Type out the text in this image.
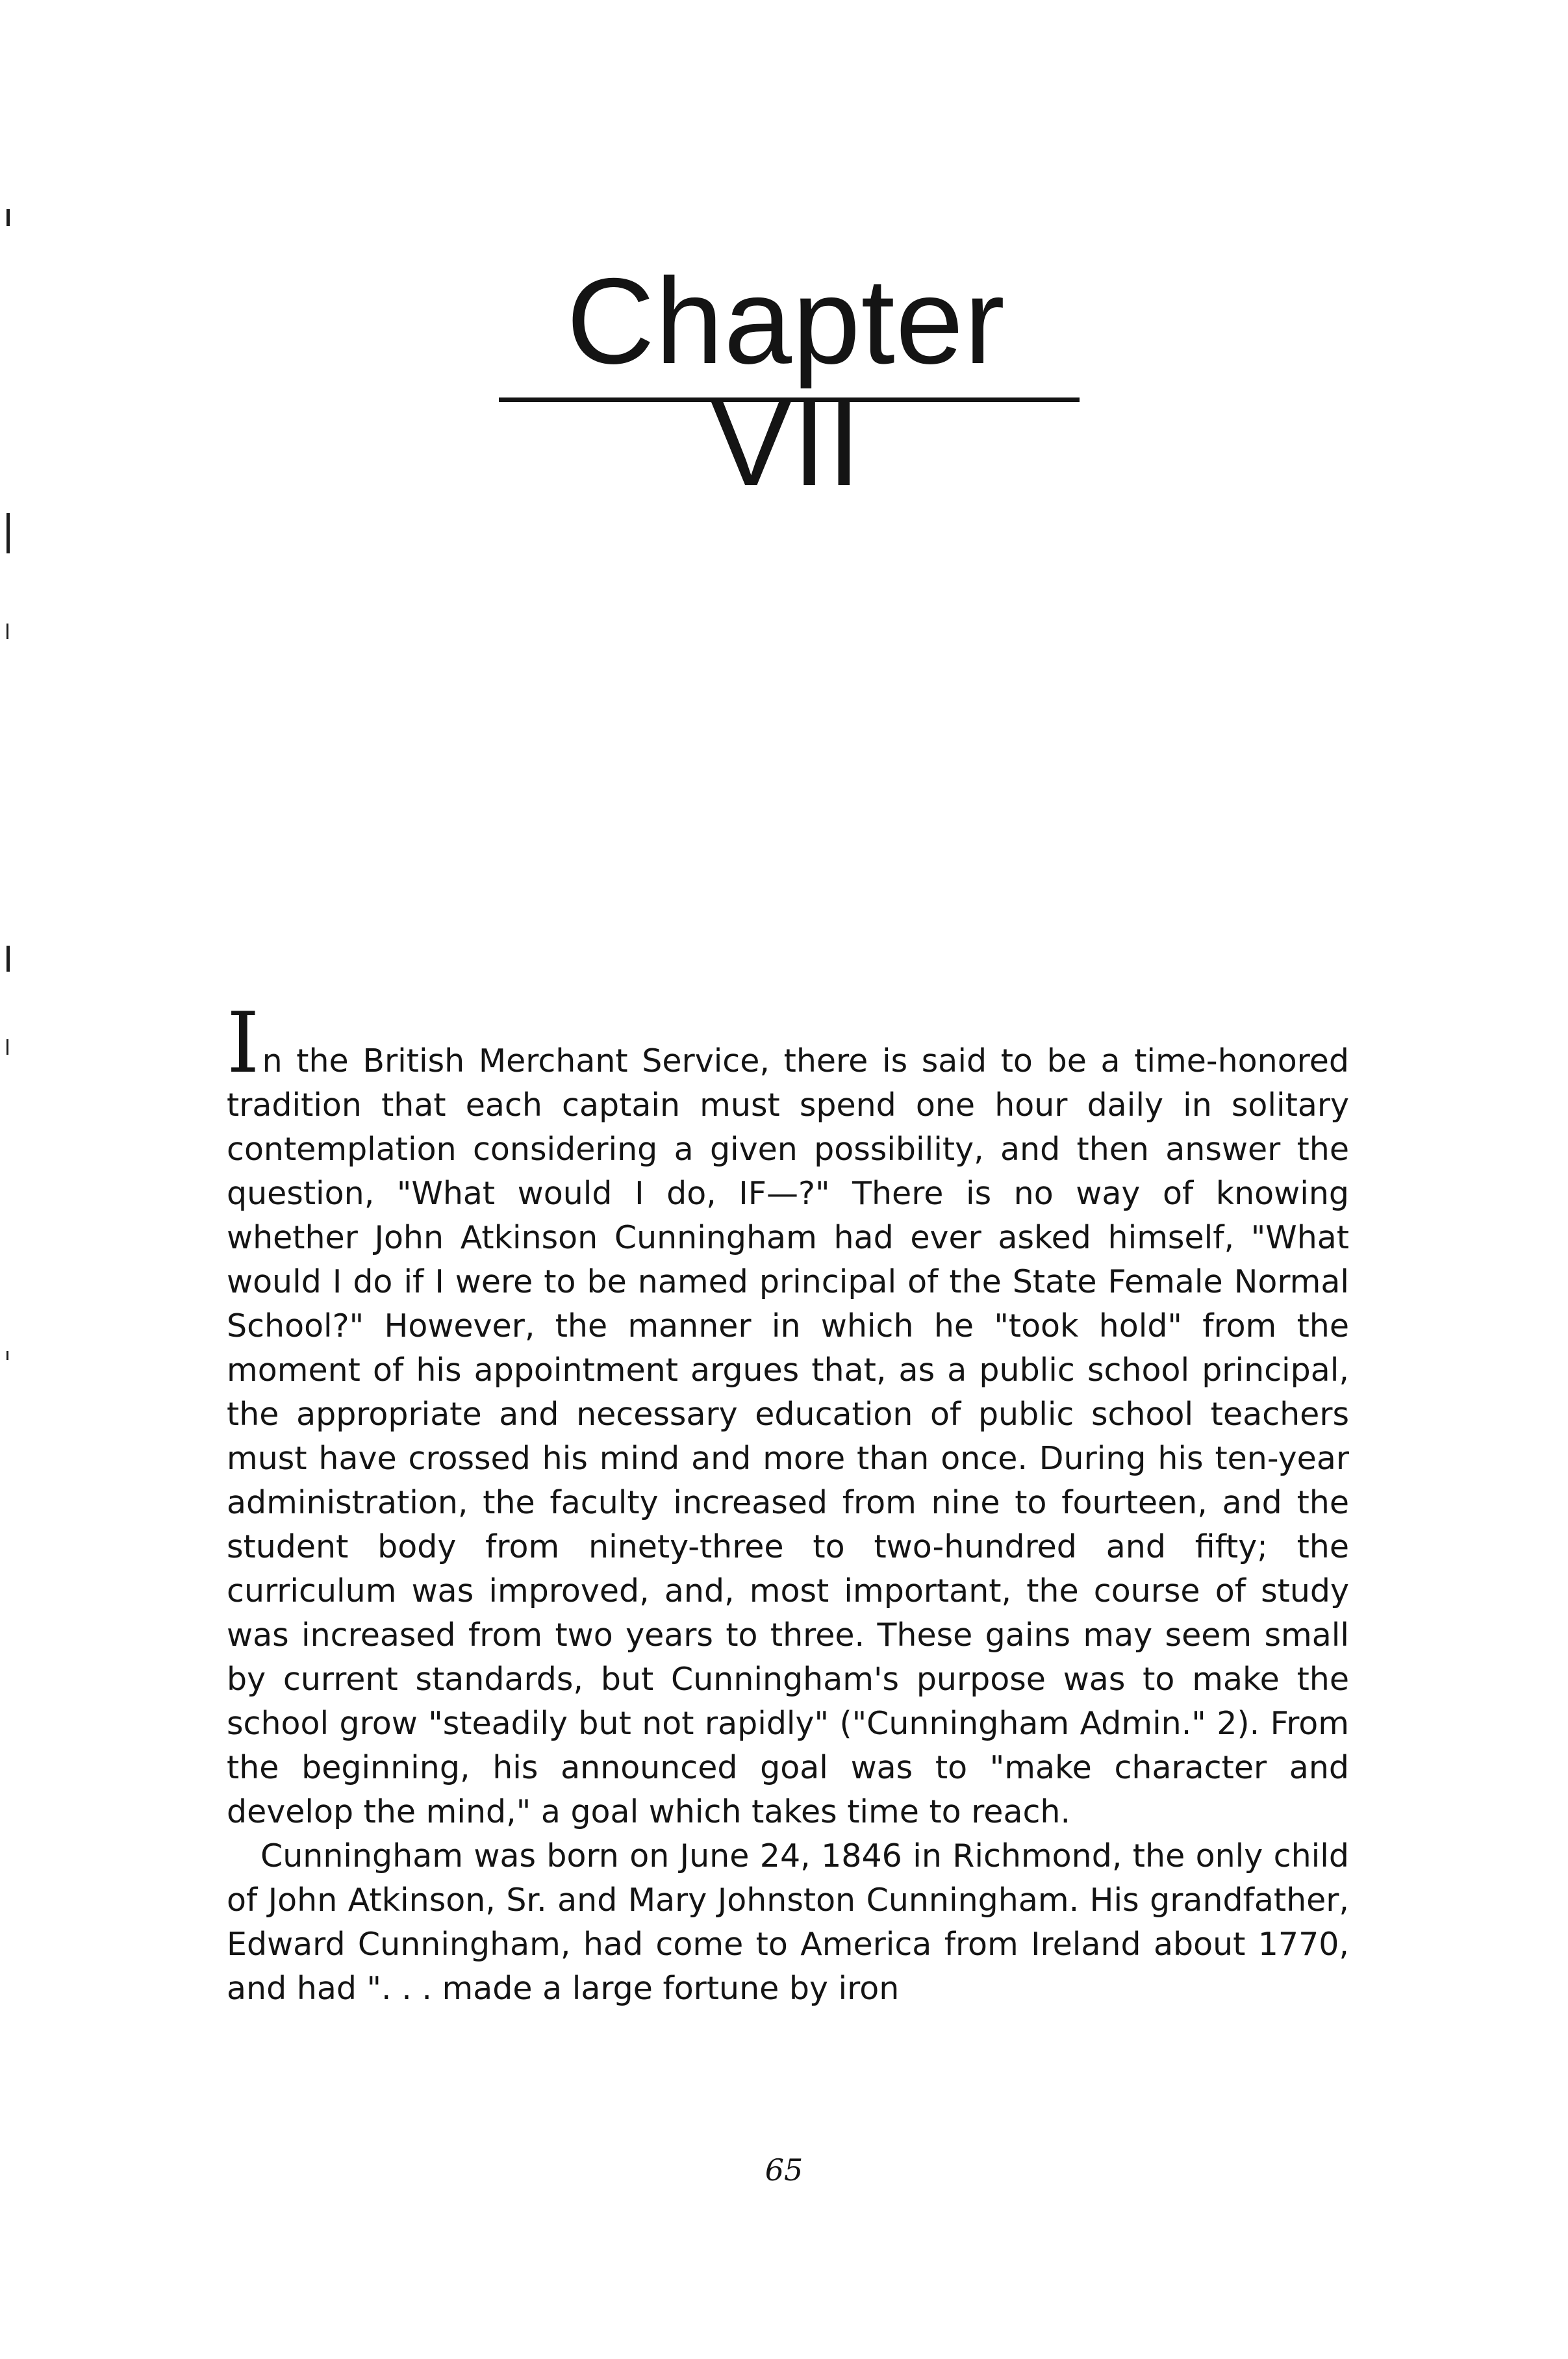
Chapter VII

In the British Merchant Service, there is said to be a time-honored tradition that each captain must spend one hour daily in solitary contemplation considering a given possibility, and then answer the question, "What would I do, IF—?" There is no way of knowing whether John Atkinson Cunningham had ever asked himself, "What would I do if I were to be named principal of the State Female Normal School?" However, the manner in which he "took hold" from the moment of his appointment argues that, as a public school principal, the appropriate and necessary education of public school teachers must have crossed his mind and more than once. During his ten-year administration, the faculty increased from nine to fourteen, and the student body from ninety-three to two-hundred and fifty; the curriculum was improved, and, most important, the course of study was increased from two years to three. These gains may seem small by current standards, but Cunningham's purpose was to make the school grow "steadily but not rapidly" ("Cunningham Admin." 2). From the beginning, his announced goal was to "make character and develop the mind," a goal which takes time to reach.

Cunningham was born on June 24, 1846 in Richmond, the only child of John Atkinson, Sr. and Mary Johnston Cunningham. His grandfather, Edward Cunningham, had come to America from Ireland about 1770, and had ". . . made a large fortune by iron

65
